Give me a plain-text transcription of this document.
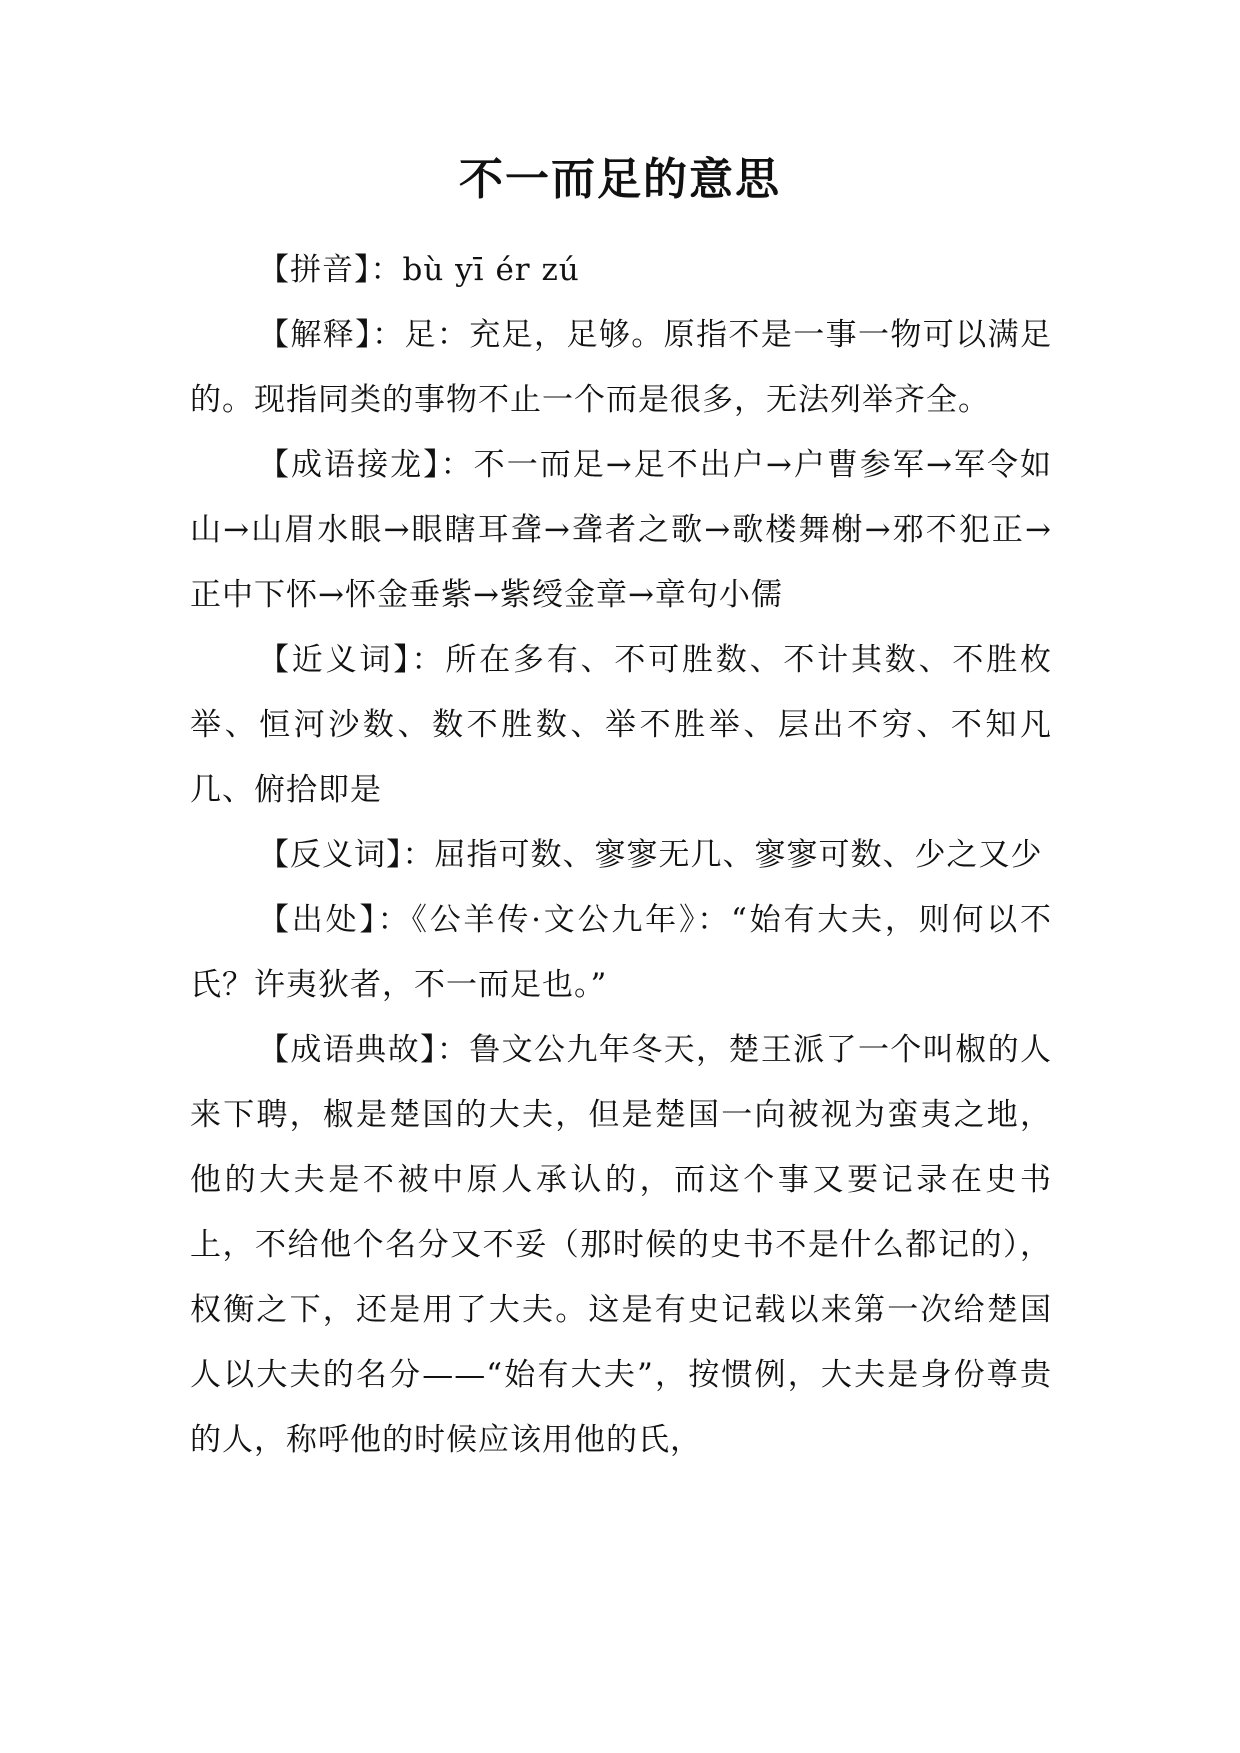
不一而足的意思

【拼音】：bù yī ér zú

【解释】：足：充足，足够。原指不是一事一物可以满足的。现指同类的事物不止一个而是很多，无法列举齐全。

【成语接龙】：不一而足→足不出户→户曹参军→军令如山→山眉水眼→眼瞎耳聋→聋者之歌→歌楼舞榭→邪不犯正→正中下怀→怀金垂紫→紫绶金章→章句小儒

【近义词】：所在多有、不可胜数、不计其数、不胜枚举、恒河沙数、数不胜数、举不胜举、层出不穷、不知凡几、俯拾即是

【反义词】：屈指可数、寥寥无几、寥寥可数、少之又少

【出处】：《公羊传·文公九年》：“始有大夫，则何以不氏？许夷狄者，不一而足也。”

【成语典故】：鲁文公九年冬天，楚王派了一个叫椒的人来下聘，椒是楚国的大夫，但是楚国一向被视为蛮夷之地，他的大夫是不被中原人承认的，而这个事又要记录在史书上，不给他个名分又不妥（那时候的史书不是什么都记的），权衡之下，还是用了大夫。这是有史记载以来第一次给楚国人以大夫的名分——“始有大夫”，按惯例，大夫是身份尊贵的人，称呼他的时候应该用他的氏，
